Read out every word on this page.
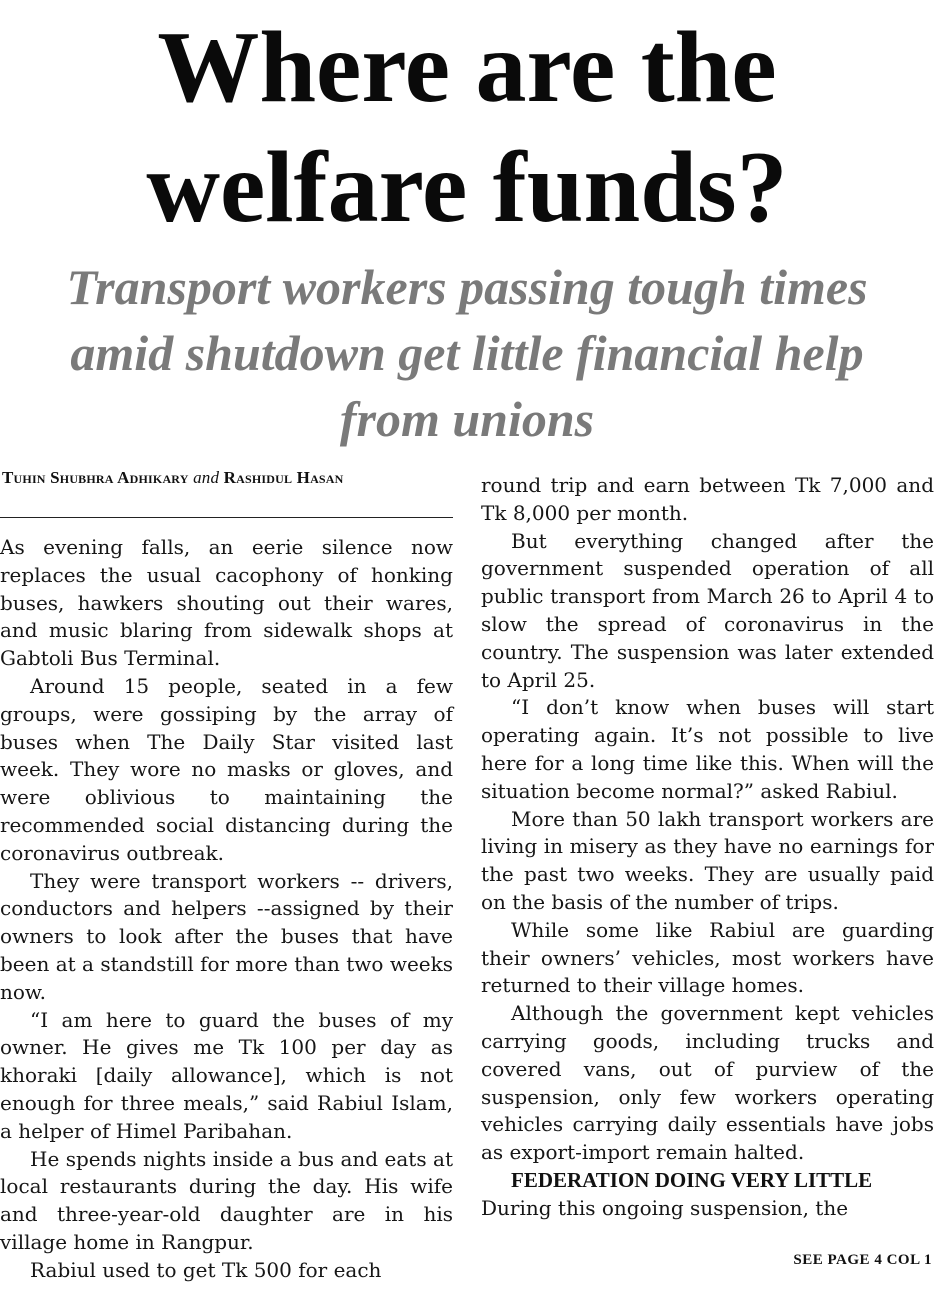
Where are the
welfare funds?
Transport workers passing tough times
amid shutdown get little financial help
from unions
Tuhin Shubhra Adhikary and Rashidul Hasan

As evening falls, an eerie silence now replaces the usual cacophony of honking buses, hawkers shouting out their wares, and music blaring from sidewalk shops at Gabtoli Bus Terminal.

Around 15 people, seated in a few groups, were gossiping by the array of buses when The Daily Star visited last week. They wore no masks or gloves, and were oblivious to maintaining the recommended social distancing during the coronavirus outbreak.

They were transport workers -- drivers, conductors and helpers --assigned by their owners to look after the buses that have been at a standstill for more than two weeks now.

“I am here to guard the buses of my owner. He gives me Tk 100 per day as khoraki [daily allowance], which is not enough for three meals,” said Rabiul Islam, a helper of Himel Paribahan.

He spends nights inside a bus and eats at local restaurants during the day. His wife and three-year-old daughter are in his village home in Rangpur.

Rabiul used to get Tk 500 for each

round trip and earn between Tk 7,000 and Tk 8,000 per month.

But everything changed after the government suspended operation of all public transport from March 26 to April 4 to slow the spread of coronavirus in the country. The suspension was later extended to April 25.

“I don’t know when buses will start operating again. It’s not possible to live here for a long time like this. When will the situation become normal?” asked Rabiul.

More than 50 lakh transport workers are living in misery as they have no earnings for the past two weeks. They are usually paid on the basis of the number of trips.

While some like Rabiul are guarding their owners’ vehicles, most workers have returned to their village homes.

Although the government kept vehicles carrying goods, including trucks and covered vans, out of purview of the suspension, only few workers operating vehicles carrying daily essentials have jobs as export-import remain halted.

FEDERATION DOING VERY LITTLE

During this ongoing suspension, the

SEE PAGE 4 COL 1
